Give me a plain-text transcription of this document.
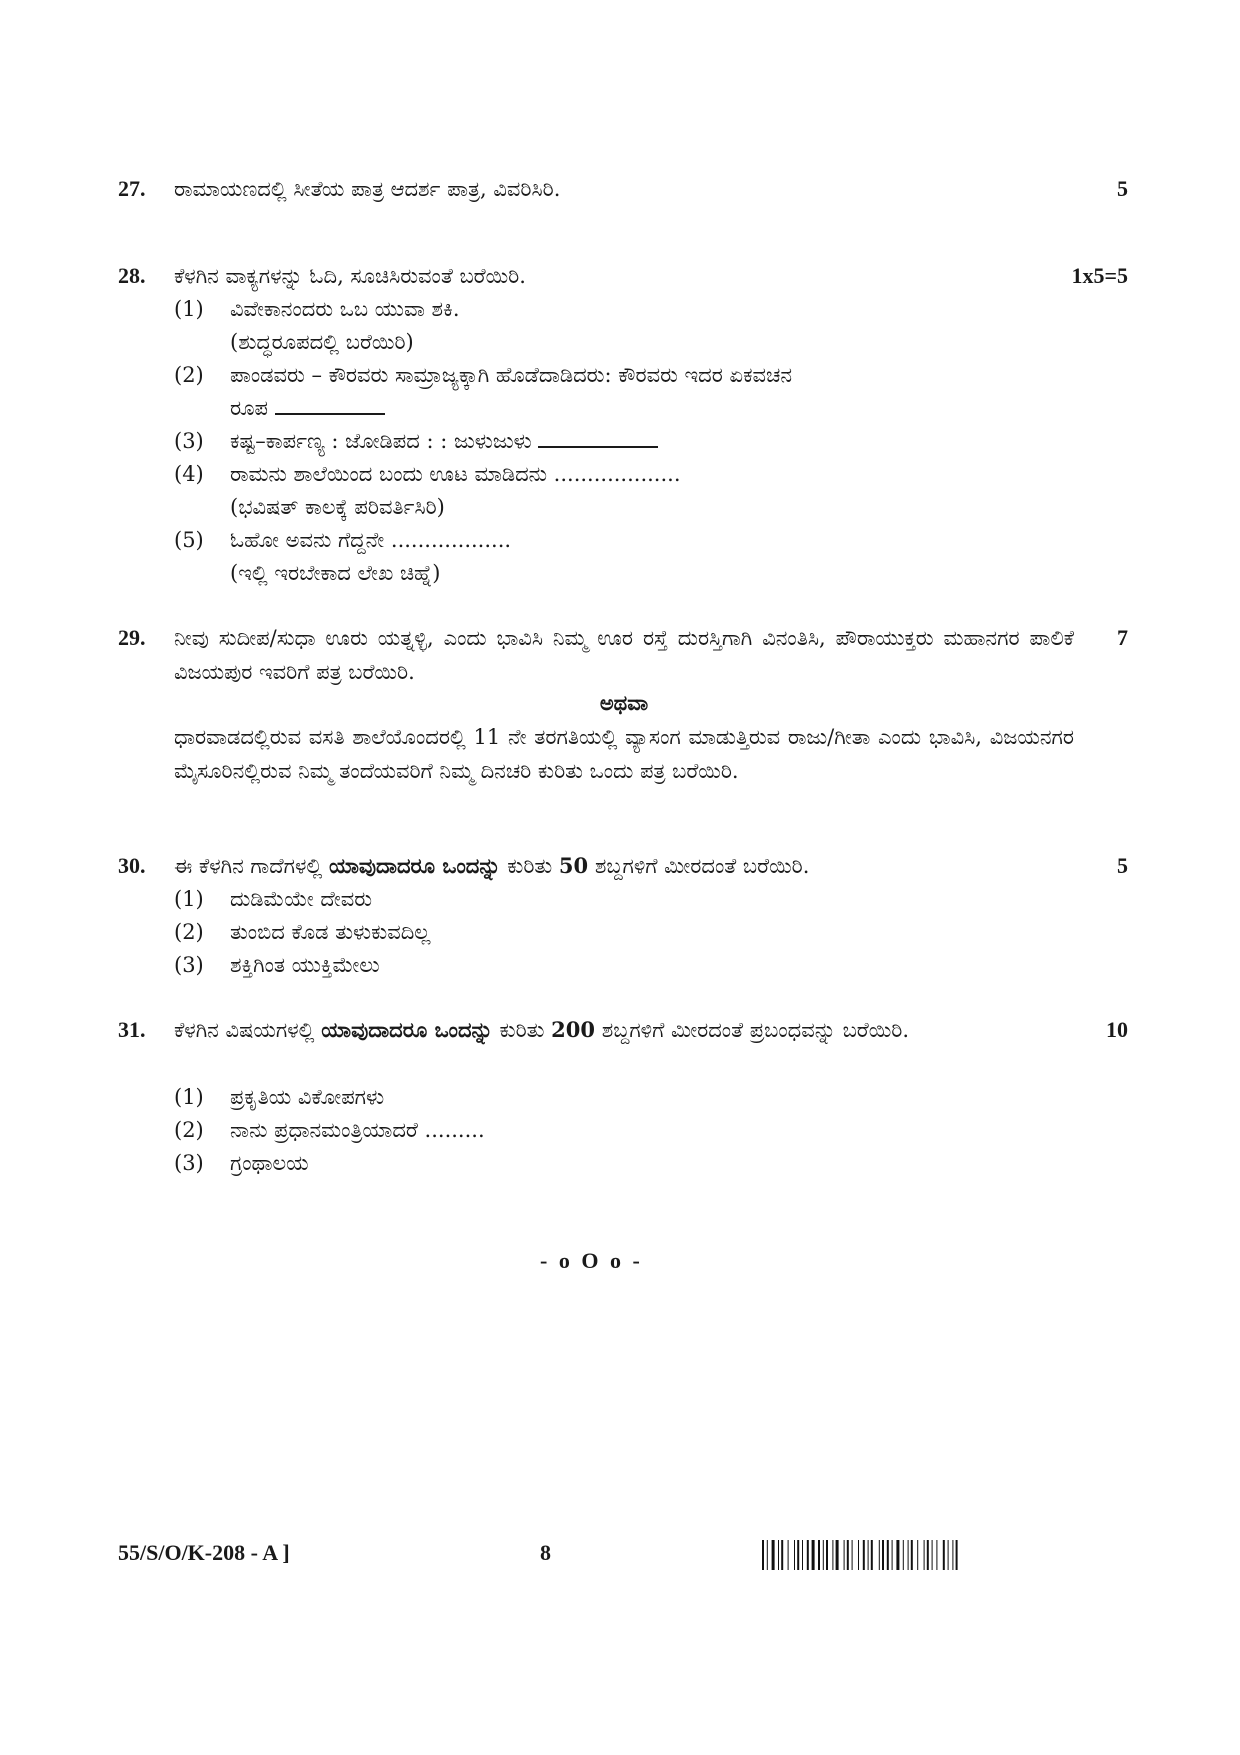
27.	ರಾಮಾಯಣದಲ್ಲಿ ಸೀತೆಯ ಪಾತ್ರ ಆದರ್ಶ ಪಾತ್ರ, ವಿವರಿಸಿರಿ.	5
28.	ಕೆಳಗಿನ ವಾಕ್ಯಗಳನ್ನು ಓದಿ, ಸೂಚಿಸಿರುವಂತೆ ಬರೆಯಿರಿ.	1x5=5
(1) ವಿವೇಕಾನಂದರು ಒಬ ಯುವಾ ಶಕಿ.
(ಶುದ್ಧರೂಪದಲ್ಲಿ ಬರೆಯಿರಿ)
(2) ಪಾಂಡವರು – ಕೌರವರು ಸಾಮ್ರಾಜ್ಯಕ್ಕಾಗಿ ಹೊಡೆದಾಡಿದರು: ಕೌರವರು ಇದರ ಏಕವಚನ
ರೂಪ
(3) ಕಷ್ಟ–ಕಾರ್ಪಣ್ಯ : ಜೋಡಿಪದ : : ಜುಳುಜುಳು
(4) ರಾಮನು ಶಾಲೆಯಿಂದ ಬಂದು ಊಟ ಮಾಡಿದನು ...................
(ಭವಿಷತ್ ಕಾಲಕ್ಕೆ ಪರಿವರ್ತಿಸಿರಿ)
(5) ಓಹೋ ಅವನು ಗೆದ್ದನೇ ..................
(ಇಲ್ಲಿ ಇರಬೇಕಾದ ಲೇಖ ಚಿಹ್ನೆ)
29.	ನೀವು ಸುದೀಪ/ಸುಧಾ ಊರು ಯತ್ನಳ್ಳಿ, ಎಂದು ಭಾವಿಸಿ ನಿಮ್ಮ ಊರ ರಸ್ತೆ ದುರಸ್ತಿಗಾಗಿ ವಿನಂತಿಸಿ, ಪೌರಾಯುಕ್ತರು ಮಹಾನಗರ ಪಾಲಿಕೆ ವಿಜಯಪುರ ಇವರಿಗೆ ಪತ್ರ ಬರೆಯಿರಿ.
7
ಅಥವಾ
ಧಾರವಾಡದಲ್ಲಿರುವ ವಸತಿ ಶಾಲೆಯೊಂದರಲ್ಲಿ 11 ನೇ ತರಗತಿಯಲ್ಲಿ ವ್ಯಾಸಂಗ ಮಾಡುತ್ತಿರುವ ರಾಜು/ಗೀತಾ ಎಂದು ಭಾವಿಸಿ, ವಿಜಯನಗರ ಮೈಸೂರಿನಲ್ಲಿರುವ ನಿಮ್ಮ ತಂದೆಯವರಿಗೆ ನಿಮ್ಮ ದಿನಚರಿ ಕುರಿತು ಒಂದು ಪತ್ರ ಬರೆಯಿರಿ.
30.	ಈ ಕೆಳಗಿನ ಗಾದೆಗಳಲ್ಲಿ ಯಾವುದಾದರೂ ಒಂದನ್ನು ಕುರಿತು 50 ಶಬ್ದಗಳಿಗೆ ಮೀರದಂತೆ ಬರೆಯಿರಿ.	5
(1) ದುಡಿಮೆಯೇ ದೇವರು
(2) ತುಂಬಿದ ಕೊಡ ತುಳುಕುವದಿಲ್ಲ
(3) ಶಕ್ತಿಗಿಂತ ಯುಕ್ತಿಮೇಲು
31.	ಕೆಳಗಿನ ವಿಷಯಗಳಲ್ಲಿ ಯಾವುದಾದರೂ ಒಂದನ್ನು ಕುರಿತು 200 ಶಬ್ದಗಳಿಗೆ ಮೀರದಂತೆ ಪ್ರಬಂಧವನ್ನು ಬರೆಯಿರಿ.	10
(1) ಪ್ರಕೃತಿಯ ವಿಕೋಪಗಳು
(2) ನಾನು ಪ್ರಧಾನಮಂತ್ರಿಯಾದರೆ .........
(3) ಗ್ರಂಥಾಲಯ
- o O o -
55/S/O/K-208 - A ]	8
